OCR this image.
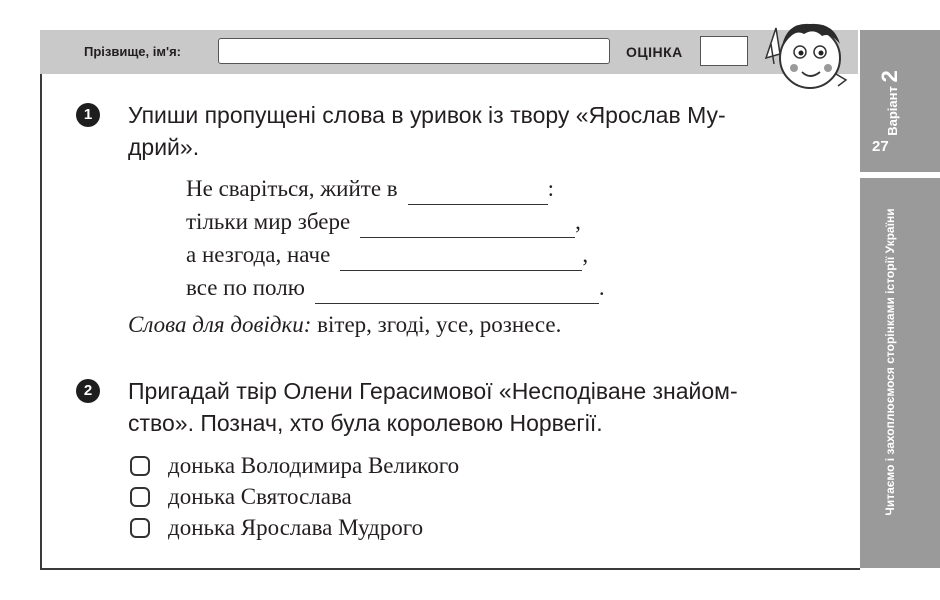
Прізвище, ім'я:	ОЦІНКА
Варіант 2
27
Читаємо і захоплюємося сторінками історії України
1	Упиши пропущені слова в уривок із твору «Ярослав Му-
дрий».
Не сваріться, жийте в	:
тільки мир збере	,
а незгода, наче	,
все по полю	.
Слова для довідки: вітер, згоді, усе, рознесе.
2	Пригадай твір Олени Герасимової «Несподіване знайом-
ство». Познач, хто була королевою Норвегії.
донька Володимира Великого
донька Святослава
донька Ярослава Мудрого
